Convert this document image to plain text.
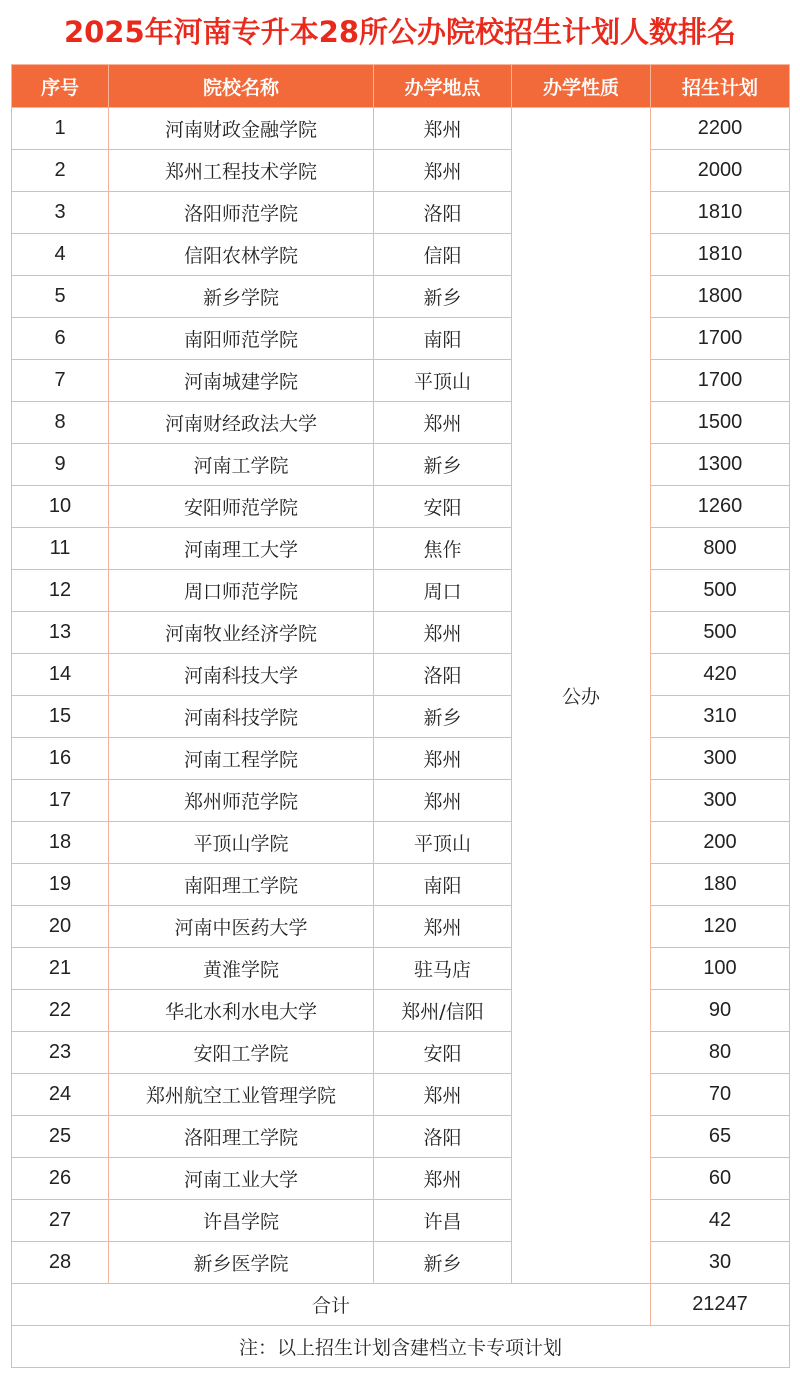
2025年河南专升本28所公办院校招生计划人数排名
序号	院校名称	办学地点	办学性质	招生计划
1	河南财政金融学院	郑州	公办	2200
2	郑州工程技术学院	郑州		2000
3	洛阳师范学院	洛阳		1810
4	信阳农林学院	信阳		1810
5	新乡学院	新乡		1800
6	南阳师范学院	南阳		1700
7	河南城建学院	平顶山		1700
8	河南财经政法大学	郑州		1500
9	河南工学院	新乡		1300
10	安阳师范学院	安阳		1260
11	河南理工大学	焦作		800
12	周口师范学院	周口		500
13	河南牧业经济学院	郑州		500
14	河南科技大学	洛阳		420
15	河南科技学院	新乡		310
16	河南工程学院	郑州		300
17	郑州师范学院	郑州		300
18	平顶山学院	平顶山		200
19	南阳理工学院	南阳		180
20	河南中医药大学	郑州		120
21	黄淮学院	驻马店		100
22	华北水利水电大学	郑州/信阳		90
23	安阳工学院	安阳		80
24	郑州航空工业管理学院	郑州		70
25	洛阳理工学院	洛阳		65
26	河南工业大学	郑州		60
27	许昌学院	许昌		42
28	新乡医学院	新乡		30
合计				21247
注：以上招生计划含建档立卡专项计划				
